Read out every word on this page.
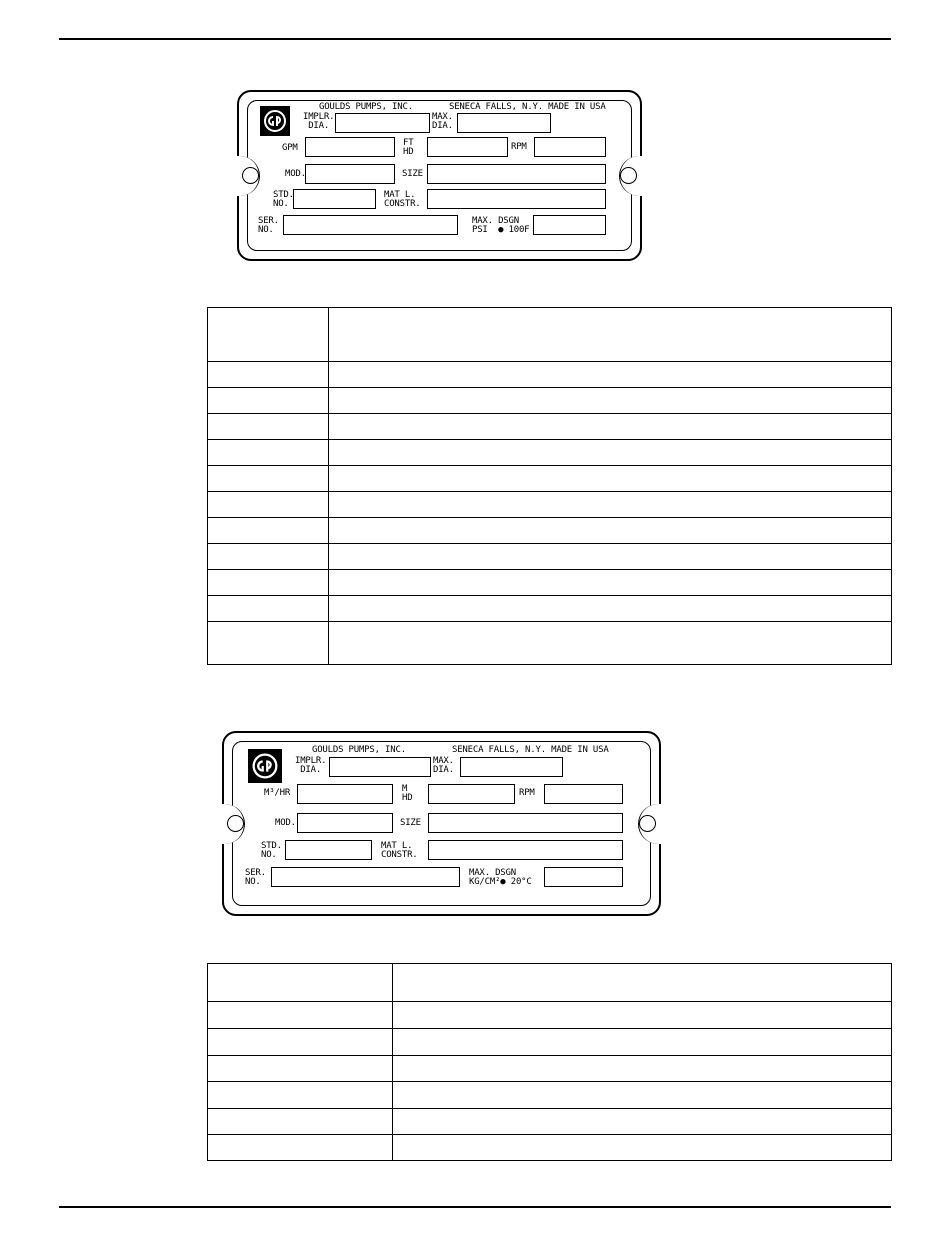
GOULDS PUMPS, INC.	SENECA FALLS, N.Y. MADE IN USA
IMPLR.
DIA.
MAX.
DIA.
GPM	FT
HD	RPM
MOD.	SIZE
STD.
NO.
MAT L.
CONSTR.
SER.
NO.
MAX. DSGN
PSI  ● 100F

GOULDS PUMPS, INC.	SENECA FALLS, N.Y. MADE IN USA
IMPLR.
DIA.
MAX.
DIA.
M³/HR	M
HD	RPM
MOD.	SIZE
STD.
NO.
MAT L.
CONSTR.
SER.
NO.
MAX. DSGN
KG/CM²● 20°C
